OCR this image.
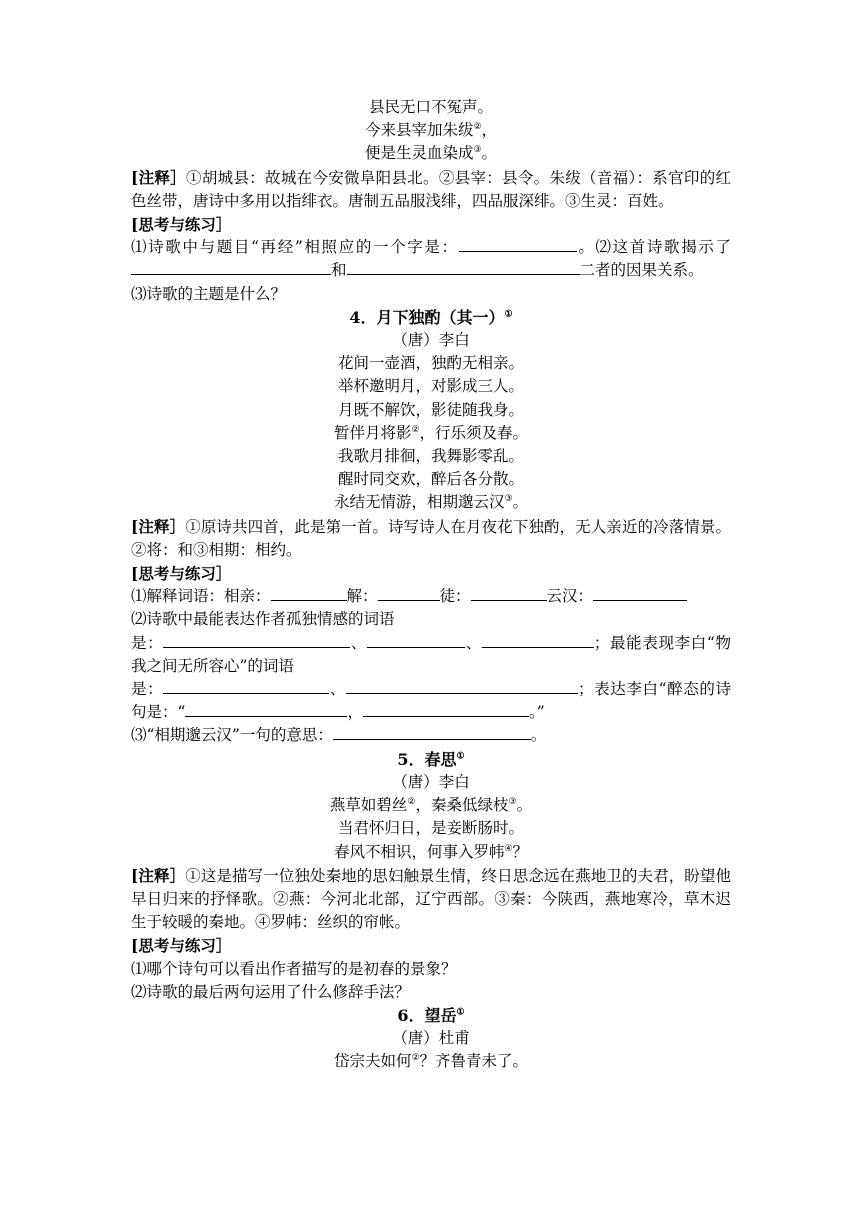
县民无口不冤声。
今来县宰加朱绂②，
便是生灵血染成③。
[注释］①胡城县：故城在今安微阜阳县北。②县宰：县令。朱绂（音福）：系官印的红色丝带，唐诗中多用以指绯衣。唐制五品服浅绯，四品服深绯。③生灵：百姓。
[思考与练习］
⑴诗歌中与题目“再经”相照应的一个字是：	。⑵这首诗歌揭示了和	二者的因果关系。
⑶诗歌的主题是什么？
4．月下独酌（其一）①
（唐）李白
花间一壶酒，独酌无相亲。
举杯邀明月，对影成三人。
月既不解饮，影徒随我身。
暂伴月将影②，行乐须及春。
我歌月排徊，我舞影零乱。
醒时同交欢，醉后各分散。
永结无情游，相期邈云汉③。
[注释］①原诗共四首，此是第一首。诗写诗人在月夜花下独酌，无人亲近的冷落情景。②将：和③相期：相约。
[思考与练习］
⑴解释词语：相亲：	解：	徒：	云汉：
⑵诗歌中最能表达作者孤独情感的词语
是：	、	、	；最能表现李白“物我之间无所容心”的词语
是：	、	；表达李白“醉态的诗句是：“	，	。”
⑶“相期邈云汉”一句的意思：	。
5．春思①
（唐）李白
燕草如碧丝②，秦桑低绿枝③。
当君怀归日，是妾断肠时。
春风不相识，何事入罗帏④？
[注释］①这是描写一位独处秦地的思妇触景生情，终日思念远在燕地卫的夫君，盼望他早日归来的抒怿歌。②燕：今河北北部，辽宁西部。③秦：今陕西，燕地寒冷，草木迟生于较暖的秦地。④罗帏：丝织的帘帐。
[思考与练习］
⑴哪个诗句可以看出作者描写的是初春的景象？
⑵诗歌的最后两句运用了什么修辞手法？
6．望岳①
（唐）杜甫
岱宗夫如何②？齐鲁青未了。
